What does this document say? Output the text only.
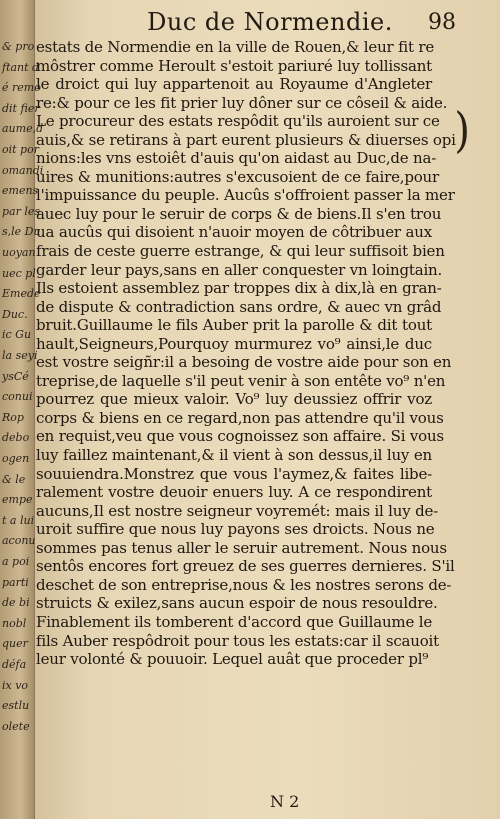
& pro
ftant d
é remo
dit fier
aume,d
oit por
omandi
emens
par les
s,le Du
uoyan
uec pl
Emede
Duc.
ic Gu
la seyi
ysCé
conui
Rop
debo
ogen
& le
empe
t a lui
aconu
a poi
parti
de bi
nobl
quer
défa
ix vo
estlu
olete
Duc de Normendie.	98
)
estats de Normendie en la ville de Rouen,& leur fit re
môstrer comme Heroult s'estoit pariuré luy tollissant
le droict qui luy appartenoit au Royaume d'Angleter
re:& pour ce les fit prier luy dôner sur ce côseil & aide.
Le procureur des estats respôdit qu'ils auroient sur ce
auis,& se retirans à part eurent plusieurs & diuerses opi
nions:les vns estoiêt d'auis qu'on aidast au Duc,de na-
uires & munitions:autres s'excusoient de ce faire,pour
l'impuissance du peuple. Aucûs s'offroient passer la mer
auec luy pour le seruir de corps & de biens.Il s'en trou
ua aucûs qui disoient n'auoir moyen de côtribuer aux
frais de ceste guerre estrange, & qui leur suffisoit bien
garder leur pays,sans en aller conquester vn loingtain.
Ils estoient assemblez par troppes dix à dix,là en gran-
de dispute & contradiction sans ordre, & auec vn grâd
bruit.Guillaume le fils Auber prit la parolle & dit tout
hault,Seigneurs,Pourquoy murmurez vo⁹ ainsi,le duc
est vostre seigñr:il a besoing de vostre aide pour son en
treprise,de laquelle s'il peut venir à son entête vo⁹ n'en
pourrez que mieux valoir. Vo⁹ luy deussiez offrir voz
corps & biens en ce regard,non pas attendre qu'il vous
en requist,veu que vous cognoissez son affaire. Si vous
luy faillez maintenant,& il vient à son dessus,il luy en
souuiendra.Monstrez que vous l'aymez,& faites libe-
ralement vostre deuoir enuers luy. A ce respondirent
aucuns,Il est nostre seigneur voyremét: mais il luy de-
uroit suffire que nous luy payons ses droicts. Nous ne
sommes pas tenus aller le seruir autrement. Nous nous
sentôs encores fort greuez de ses guerres dernieres. S'il
deschet de son entreprise,nous & les nostres serons de-
struicts & exilez,sans aucun espoir de nous resouldre.
Finablement ils tomberent d'accord que Guillaume le
fils Auber respôdroit pour tous les estats:car il scauoit
leur volonté & pouuoir. Lequel auât que proceder pl⁹
N 2
